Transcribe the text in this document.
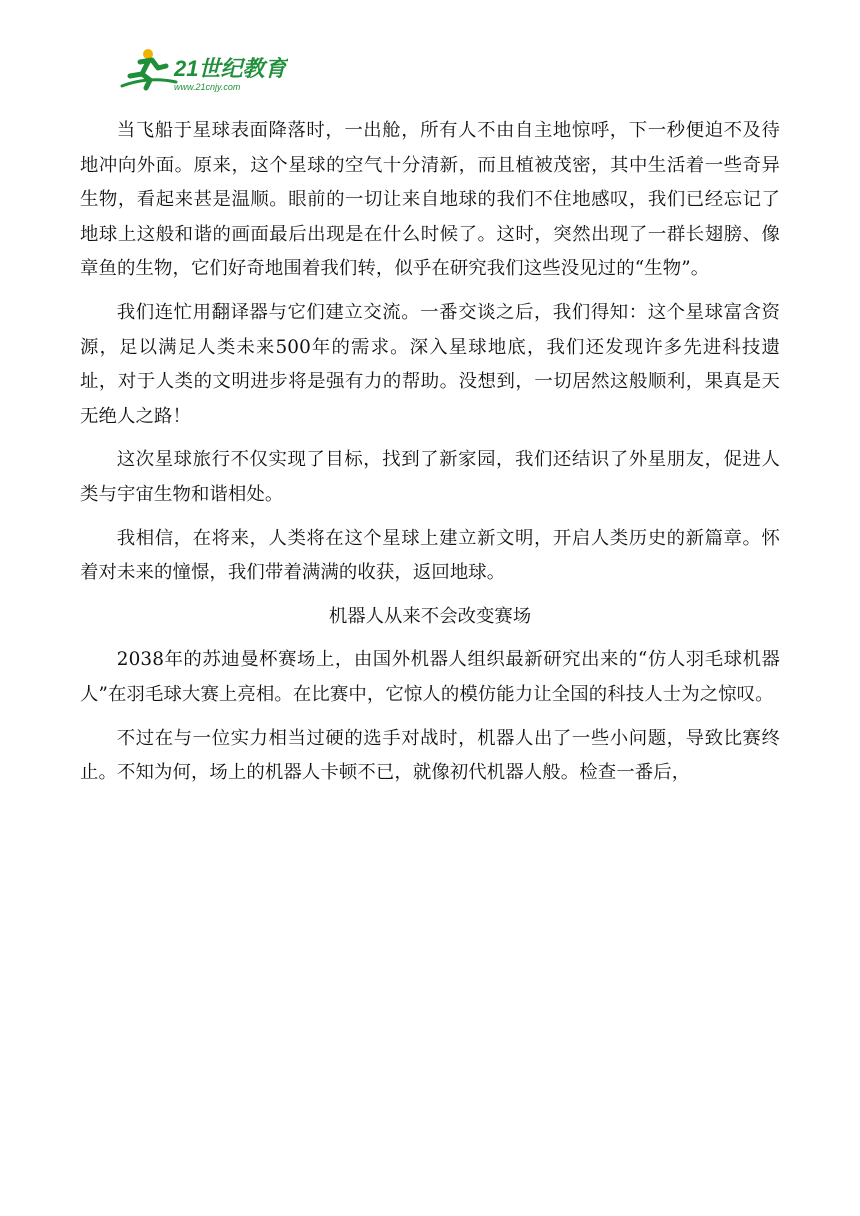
21世纪教育
www.21cnjy.com

当飞船于星球表面降落时，一出舱，所有人不由自主地惊呼，下一秒便迫不及待地冲向外面。原来，这个星球的空气十分清新，而且植被茂密，其中生活着一些奇异生物，看起来甚是温顺。眼前的一切让来自地球的我们不住地感叹，我们已经忘记了地球上这般和谐的画面最后出现是在什么时候了。这时，突然出现了一群长翅膀、像章鱼的生物，它们好奇地围着我们转，似乎在研究我们这些没见过的“生物”。

我们连忙用翻译器与它们建立交流。一番交谈之后，我们得知：这个星球富含资源，足以满足人类未来500年的需求。深入星球地底，我们还发现许多先进科技遗址，对于人类的文明进步将是强有力的帮助。没想到，一切居然这般顺利，果真是天无绝人之路！

这次星球旅行不仅实现了目标，找到了新家园，我们还结识了外星朋友，促进人类与宇宙生物和谐相处。

我相信，在将来，人类将在这个星球上建立新文明，开启人类历史的新篇章。怀着对未来的憧憬，我们带着满满的收获，返回地球。

机器人从来不会改变赛场

2038年的苏迪曼杯赛场上，由国外机器人组织最新研究出来的“仿人羽毛球机器人”在羽毛球大赛上亮相。在比赛中，它惊人的模仿能力让全国的科技人士为之惊叹。

不过在与一位实力相当过硬的选手对战时，机器人出了一些小问题，导致比赛终止。不知为何，场上的机器人卡顿不已，就像初代机器人般。检查一番后，
